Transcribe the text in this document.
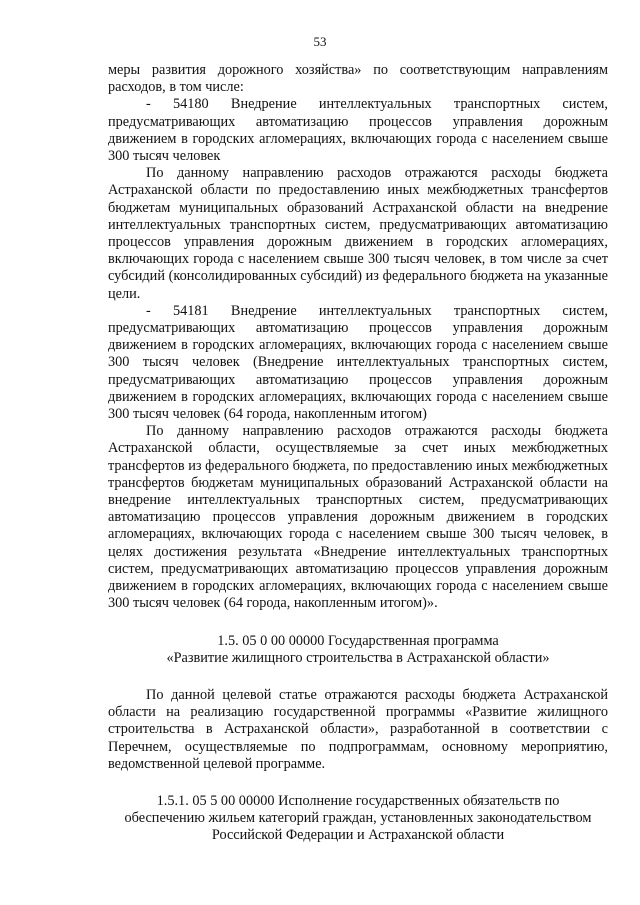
53

меры развития дорожного хозяйства» по соответствующим направлениям расходов, в том числе:

- 54180 Внедрение интеллектуальных транспортных систем, предусматривающих автоматизацию процессов управления дорожным движением в городских агломерациях, включающих города с населением свыше 300 тысяч человек

По данному направлению расходов отражаются расходы бюджета Астраханской области по предоставлению иных межбюджетных трансфертов бюджетам муниципальных образований Астраханской области на внедрение интеллектуальных транспортных систем, предусматривающих автоматизацию процессов управления дорожным движением в городских агломерациях, включающих города с населением свыше 300 тысяч человек, в том числе за счет субсидий (консолидированных субсидий) из федерального бюджета на указанные цели.

- 54181 Внедрение интеллектуальных транспортных систем, предусматривающих автоматизацию процессов управления дорожным движением в городских агломерациях, включающих города с населением свыше 300 тысяч человек (Внедрение интеллектуальных транспортных систем, предусматривающих автоматизацию процессов управления дорожным движением в городских агломерациях, включающих города с населением свыше 300 тысяч человек (64 города, накопленным итогом)

По данному направлению расходов отражаются расходы бюджета Астраханской области, осуществляемые за счет иных межбюджетных трансфертов из федерального бюджета, по предоставлению иных межбюджетных трансфертов бюджетам муниципальных образований Астраханской области на внедрение интеллектуальных транспортных систем, предусматривающих автоматизацию процессов управления дорожным движением в городских агломерациях, включающих города с населением свыше 300 тысяч человек, в целях достижения результата «Внедрение интеллектуальных транспортных систем, предусматривающих автоматизацию процессов управления дорожным движением в городских агломерациях, включающих города с населением свыше 300 тысяч человек (64 города, накопленным итогом)».

1.5. 05 0 00 00000 Государственная программа
«Развитие жилищного строительства в Астраханской области»

По данной целевой статье отражаются расходы бюджета Астраханской области на реализацию государственной программы «Развитие жилищного строительства в Астраханской области», разработанной в соответствии с Перечнем, осуществляемые по подпрограммам, основному мероприятию, ведомственной целевой программе.

1.5.1. 05 5 00 00000 Исполнение государственных обязательств по
обеспечению жильем категорий граждан, установленных законодательством
Российской Федерации и Астраханской области
